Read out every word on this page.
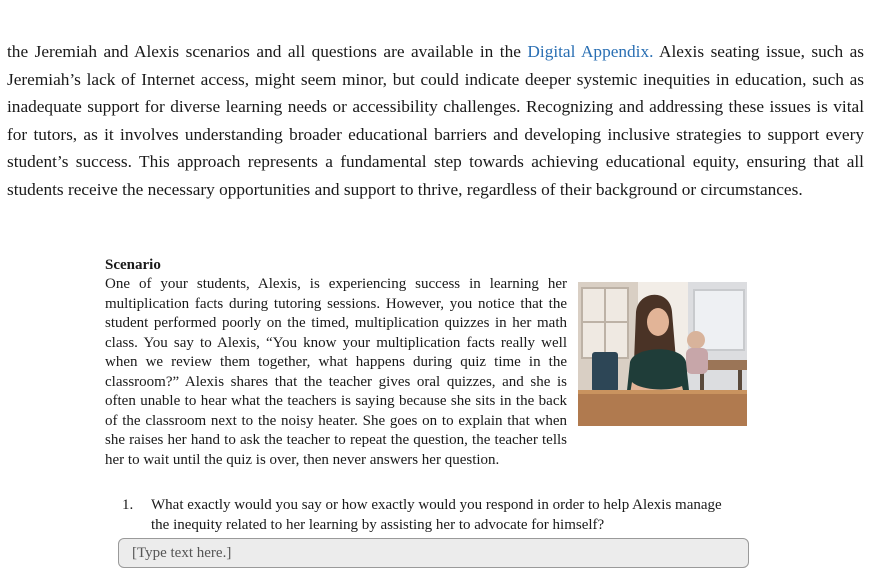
the Jeremiah and Alexis scenarios and all questions are available in the Digital Appendix. Alexis seating issue, such as Jeremiah’s lack of Internet access, might seem minor, but could indicate deeper systemic inequities in education, such as inadequate support for diverse learning needs or accessibility challenges. Recognizing and addressing these issues is vital for tutors, as it involves understanding broader educational barriers and developing inclusive strategies to support every student’s success. This approach represents a fundamental step towards achieving educational equity, ensuring that all students receive the necessary opportunities and support to thrive, regardless of their background or circumstances.

Scenario

One of your students, Alexis, is experiencing success in learning her multiplication facts during tutoring sessions. However, you notice that the student performed poorly on the timed, multiplication quizzes in her math class. You say to Alexis, “You know your multiplication facts really well when we review them together, what happens during quiz time in the classroom?” Alexis shares that the teacher gives oral quizzes, and she is often unable to hear what the teachers is saying because she sits in the back of the classroom next to the noisy heater. She goes on to explain that when she raises her hand to ask the teacher to repeat the question, the teacher tells her to wait until the quiz is over, then never answers her question.

1. What exactly would you say or how exactly would you respond in order to help Alexis manage the inequity related to her learning by assisting her to advocate for himself?
[Type text here.]
